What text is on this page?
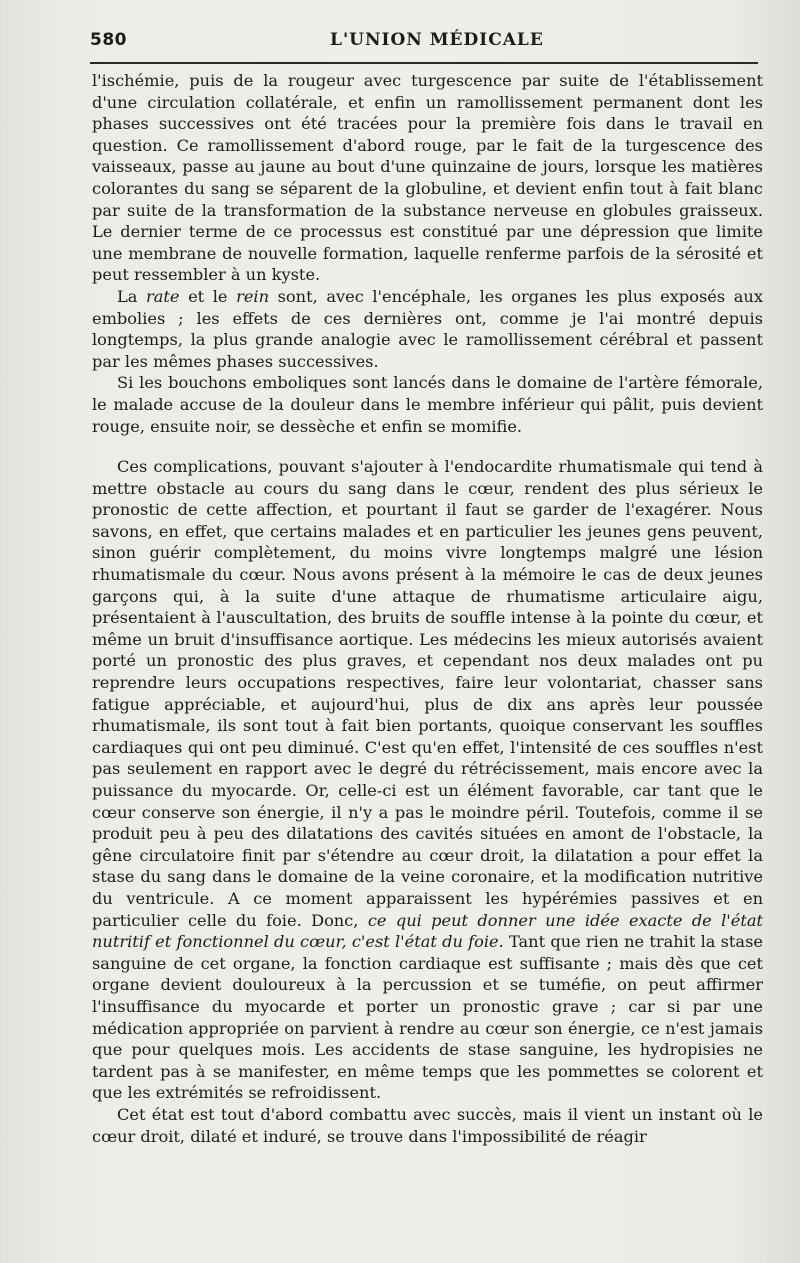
580	L'UNION MÉDICALE

l'ischémie, puis de la rougeur avec turgescence par suite de l'établissement d'une circulation collatérale, et enfin un ramollissement permanent dont les phases successives ont été tracées pour la première fois dans le travail en question. Ce ramollissement d'abord rouge, par le fait de la turgescence des vaisseaux, passe au jaune au bout d'une quinzaine de jours, lorsque les matières colorantes du sang se séparent de la globuline, et devient enfin tout à fait blanc par suite de la transformation de la substance nerveuse en globules graisseux. Le dernier terme de ce processus est constitué par une dépression que limite une membrane de nouvelle formation, laquelle renferme parfois de la sérosité et peut ressembler à un kyste.

La rate et le rein sont, avec l'encéphale, les organes les plus exposés aux embolies ; les effets de ces dernières ont, comme je l'ai montré depuis longtemps, la plus grande analogie avec le ramollissement cérébral et passent par les mêmes phases successives.

Si les bouchons emboliques sont lancés dans le domaine de l'artère fémorale, le malade accuse de la douleur dans le membre inférieur qui pâlit, puis devient rouge, ensuite noir, se dessèche et enfin se momifie.

Ces complications, pouvant s'ajouter à l'endocardite rhumatismale qui tend à mettre obstacle au cours du sang dans le cœur, rendent des plus sérieux le pronostic de cette affection, et pourtant il faut se garder de l'exagérer. Nous savons, en effet, que certains malades et en particulier les jeunes gens peuvent, sinon guérir complètement, du moins vivre longtemps malgré une lésion rhumatismale du cœur. Nous avons présent à la mémoire le cas de deux jeunes garçons qui, à la suite d'une attaque de rhumatisme articulaire aigu, présentaient à l'auscultation, des bruits de souffle intense à la pointe du cœur, et même un bruit d'insuffisance aortique. Les médecins les mieux autorisés avaient porté un pronostic des plus graves, et cependant nos deux malades ont pu reprendre leurs occupations respectives, faire leur volontariat, chasser sans fatigue appréciable, et aujourd'hui, plus de dix ans après leur poussée rhumatismale, ils sont tout à fait bien portants, quoique conservant les souffles cardiaques qui ont peu diminué. C'est qu'en effet, l'intensité de ces souffles n'est pas seulement en rapport avec le degré du rétrécissement, mais encore avec la puissance du myocarde. Or, celle-ci est un élément favorable, car tant que le cœur conserve son énergie, il n'y a pas le moindre péril. Toutefois, comme il se produit peu à peu des dilatations des cavités situées en amont de l'obstacle, la gêne circulatoire finit par s'étendre au cœur droit, la dilatation a pour effet la stase du sang dans le domaine de la veine coronaire, et la modification nutritive du ventricule. A ce moment apparaissent les hypérémies passives et en particulier celle du foie. Donc, ce qui peut donner une idée exacte de l'état nutritif et fonctionnel du cœur, c'est l'état du foie. Tant que rien ne trahit la stase sanguine de cet organe, la fonction cardiaque est suffisante ; mais dès que cet organe devient douloureux à la percussion et se tuméfie, on peut affirmer l'insuffisance du myocarde et porter un pronostic grave ; car si par une médication appropriée on parvient à rendre au cœur son énergie, ce n'est jamais que pour quelques mois. Les accidents de stase sanguine, les hydropisies ne tardent pas à se manifester, en même temps que les pommettes se colorent et que les extrémités se refroidissent.

Cet état est tout d'abord combattu avec succès, mais il vient un instant où le cœur droit, dilaté et induré, se trouve dans l'impossibilité de réagir
